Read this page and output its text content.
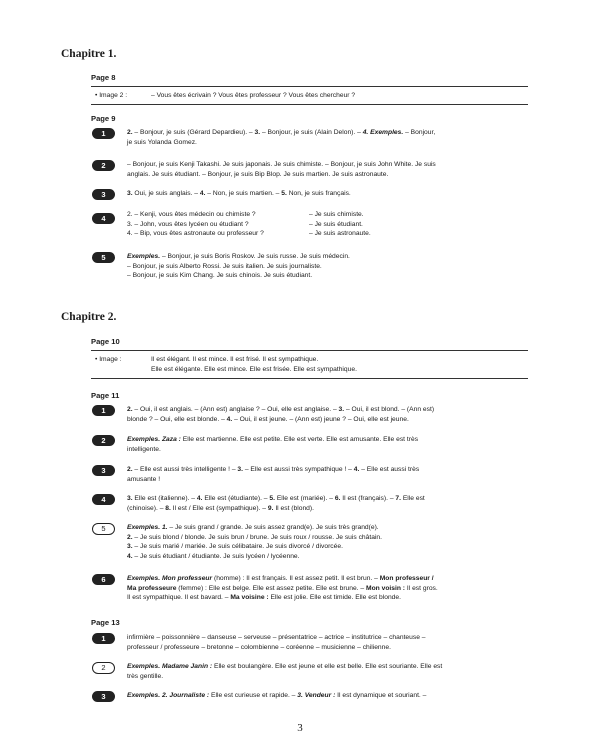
Chapitre 1.
Page 8
• Image 2 :	– Vous êtes écrivain ? Vous êtes professeur ? Vous êtes chercheur ?
Page 9
1	2. – Bonjour, je suis (Gérard Depardieu). – 3. – Bonjour, je suis (Alain Delon). – 4. Exemples. – Bonjour,

je suis Yolanda Gomez.

2	– Bonjour, je suis Kenji Takashi. Je suis japonais. Je suis chimiste. – Bonjour, je suis John White. Je suis

anglais. Je suis étudiant. – Bonjour, je suis Bip Blop. Je suis martien. Je suis astronaute.

3	3. Oui, je suis anglais. – 4. – Non, je suis martien. – 5. Non, je suis français.

4	2. – Kenji, vous êtes médecin ou chimiste ?	– Je suis chimiste.

3. – John, vous êtes lycéen ou étudiant ?	– Je suis étudiant.

4. – Bip, vous êtes astronaute ou professeur ?	– Je suis astronaute.

5	Exemples. – Bonjour, je suis Boris Roskov. Je suis russe. Je suis médecin.

– Bonjour, je suis Alberto Rossi. Je suis italien. Je suis journaliste.

– Bonjour, je suis Kim Chang. Je suis chinois. Je suis étudiant.

Chapitre 2.
Page 10
• Image :	Il est élégant. Il est mince. Il est frisé. Il est sympathique.
Elle est élégante. Elle est mince. Elle est frisée. Elle est sympathique.
Page 11
1	2. – Oui, il est anglais. – (Ann est) anglaise ? – Oui, elle est anglaise. – 3. – Oui, il est blond. – (Ann est)

blonde ? – Oui, elle est blonde. – 4. – Oui, il est jeune. – (Ann est) jeune ? – Oui, elle est jeune.

2	Exemples. Zaza : Elle est martienne. Elle est petite. Elle est verte. Elle est amusante. Elle est très

intelligente.

3	2. – Elle est aussi très intelligente ! – 3. – Elle est aussi très sympathique ! – 4. – Elle est aussi très

amusante !

4	3. Elle est (italienne). – 4. Elle est (étudiante). – 5. Elle est (mariée). – 6. Il est (français). – 7. Elle est

(chinoise). – 8. Il est / Elle est (sympathique). – 9. Il est (blond).

5	Exemples. 1. – Je suis grand / grande. Je suis assez grand(e). Je suis très grand(e).

2. – Je suis blond / blonde. Je suis brun / brune. Je suis roux / rousse. Je suis châtain.

3. – Je suis marié / mariée. Je suis célibataire. Je suis divorcé / divorcée.

4. – Je suis étudiant / étudiante. Je suis lycéen / lycéenne.

6	Exemples. Mon professeur (homme) : Il est français. Il est assez petit. Il est brun. – Mon professeur /

Ma professeure (femme) : Elle est belge. Elle est assez petite. Elle est brune. – Mon voisin : Il est gros.

Il est sympathique. Il est bavard. – Ma voisine : Elle est jolie. Elle est timide. Elle est blonde.

Page 13
1	infirmière – poissonnière – danseuse – serveuse – présentatrice – actrice – institutrice – chanteuse –

professeur / professeure – bretonne – colombienne – coréenne – musicienne – chilienne.

2	Exemples. Madame Janin : Elle est boulangère. Elle est jeune et elle est belle. Elle est souriante. Elle est

très gentille.

3	Exemples. 2. Journaliste : Elle est curieuse et rapide. – 3. Vendeur : Il est dynamique et souriant. –

3
